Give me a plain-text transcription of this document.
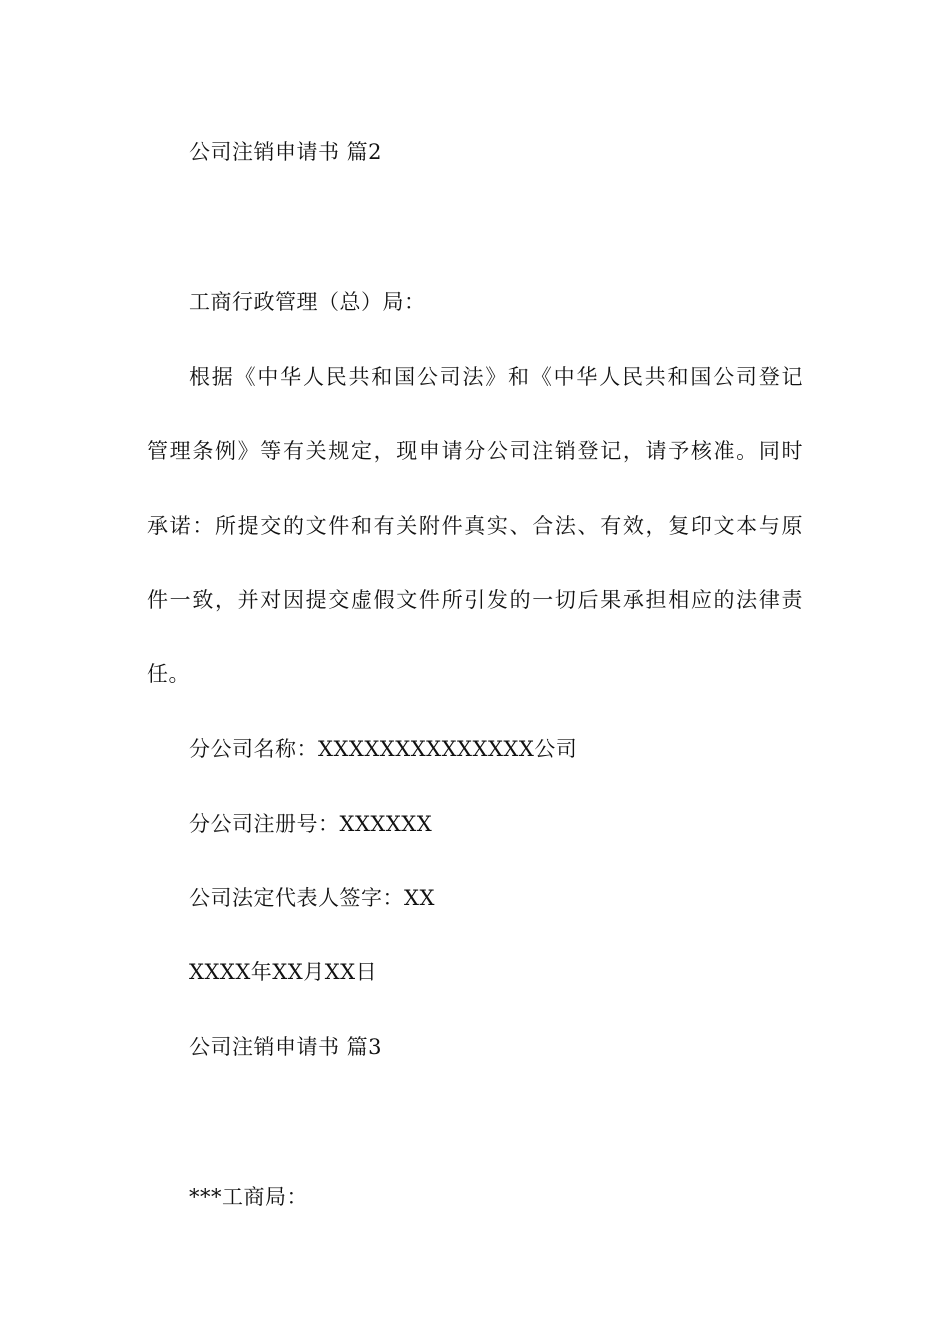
公司注销申请书 篇2
工商行政管理（总）局：
根据《中华人民共和国公司法》和《中华人民共和国公司登记
管理条例》等有关规定，现申请分公司注销登记，请予核准。同时
承诺：所提交的文件和有关附件真实、合法、有效，复印文本与原
件一致，并对因提交虚假文件所引发的一切后果承担相应的法律责
任。
分公司名称：XXXXXXXXXXXXXX公司
分公司注册号：XXXXXX
公司法定代表人签字：XX
XXXX年XX月XX日
公司注销申请书 篇3
***工商局：
